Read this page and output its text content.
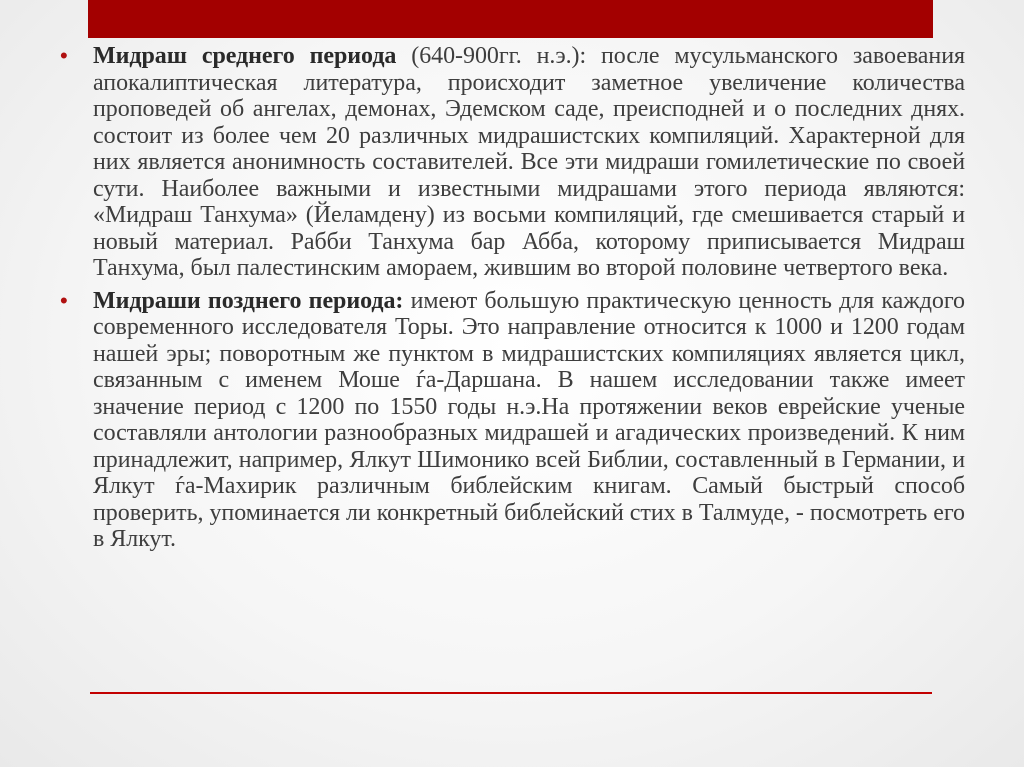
• Мидраш среднего периода (640-900гг. н.э.): после мусульманского завоевания апокалиптическая литература, происходит заметное увеличение количества проповедей об ангелах, демонах, Эдемском саде, преисподней и о последних днях. состоит из более чем 20 различных мидрашистских компиляций. Характерной для них является анонимность составителей. Все эти мидраши гомилетические по своей сути. Наиболее важными и известными мидрашами этого периода являются: «Мидраш Танхума» (Йеламдену) из восьми компиляций, где смешивается старый и новый материал. Рабби Танхума бар Абба, которому приписывается Мидраш Танхума, был палестинским амораем, жившим во второй половине четвертого века.

• Мидраши позднего периода: имеют большую практическую ценность для каждого современного исследователя Торы. Это направление относится к 1000 и 1200 годам нашей эры; поворотным же пунктом в мидрашистских компиляциях является цикл, связанным с именем Моше ѓа-Даршана. В нашем исследовании также имеет значение период с 1200 по 1550 годы н.э.На протяжении веков еврейские ученые составляли антологии разнообразных мидрашей и агадических произведений. К ним принадлежит, например, Ялкут Шимонико всей Библии, составленный в Германии, и Ялкут ѓа-Махирик различным библейским книгам. Самый быстрый способ проверить, упоминается ли конкретный библейский стих в Талмуде, - посмотреть его в Ялкут.
